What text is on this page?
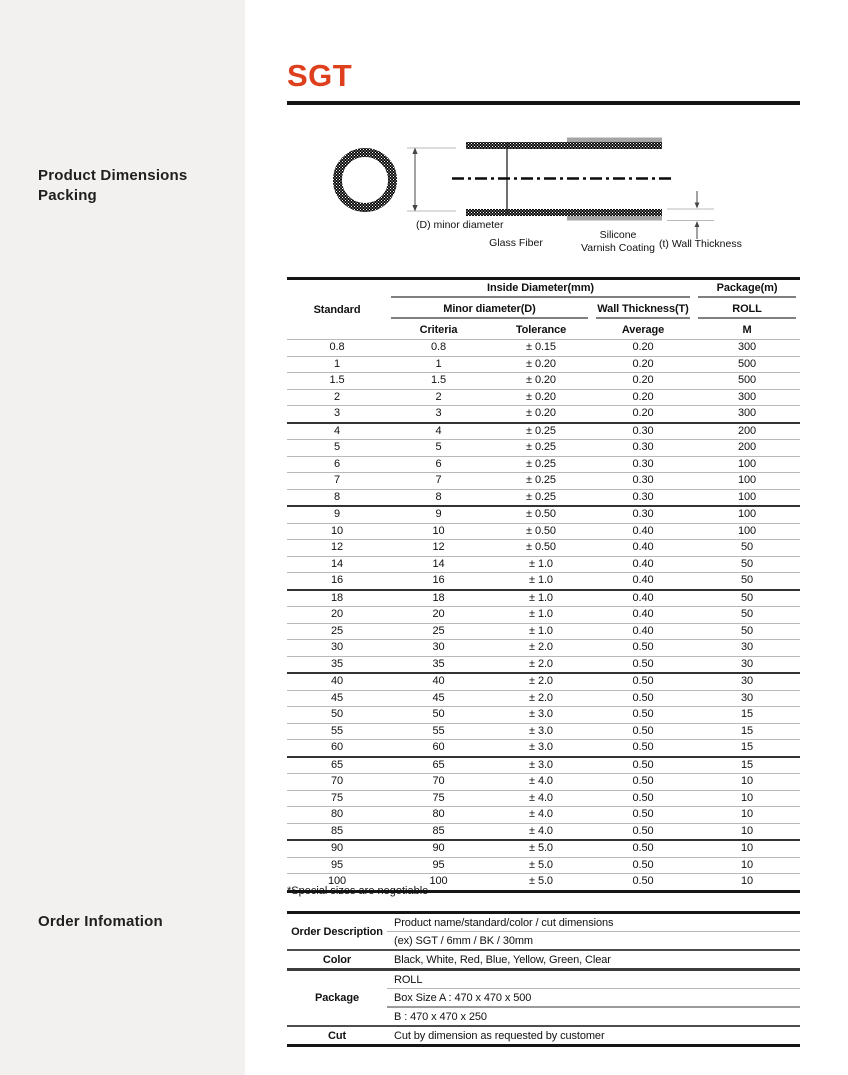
Product Dimensions
Packing
Order Infomation
SGT
(D) minor diameter
Glass Fiber
Silicone
Varnish Coating (t) Wall Thickness
Standard	Inside Diameter(mm)			Package(m)

	Minor diameter(D)		Wall Thickness(T)	ROLL

	Criteria	Tolerance	Average	M
0.8	0.8	± 0.15	0.20	300
1	1	± 0.20	0.20	500
1.5	1.5	± 0.20	0.20	500
2	2	± 0.20	0.20	300
3	3	± 0.20	0.20	300
4	4	± 0.25	0.30	200
5	5	± 0.25	0.30	200
6	6	± 0.25	0.30	100
7	7	± 0.25	0.30	100
8	8	± 0.25	0.30	100
9	9	± 0.50	0.30	100
10	10	± 0.50	0.40	100
12	12	± 0.50	0.40	50
14	14	± 1.0	0.40	50
16	16	± 1.0	0.40	50
18	18	± 1.0	0.40	50
20	20	± 1.0	0.40	50
25	25	± 1.0	0.40	50
30	30	± 2.0	0.50	30
35	35	± 2.0	0.50	30
40	40	± 2.0	0.50	30
45	45	± 2.0	0.50	30
50	50	± 3.0	0.50	15
55	55	± 3.0	0.50	15
60	60	± 3.0	0.50	15
65	65	± 3.0	0.50	15
70	70	± 4.0	0.50	10
75	75	± 4.0	0.50	10
80	80	± 4.0	0.50	10
85	85	± 4.0	0.50	10
90	90	± 5.0	0.50	10
95	95	± 5.0	0.50	10
100	100	± 5.0	0.50	10
*Special sizes are negotiable
Order Description	Product name/standard/color / cut dimensions
	(ex) SGT / 6mm / BK / 30mm
Color	Black, White, Red, Blue, Yellow, Green, Clear
Package	ROLL
	Box Size A : 470 x 470 x 500
	B : 470 x 470 x 250
Cut	Cut by dimension as requested by customer
